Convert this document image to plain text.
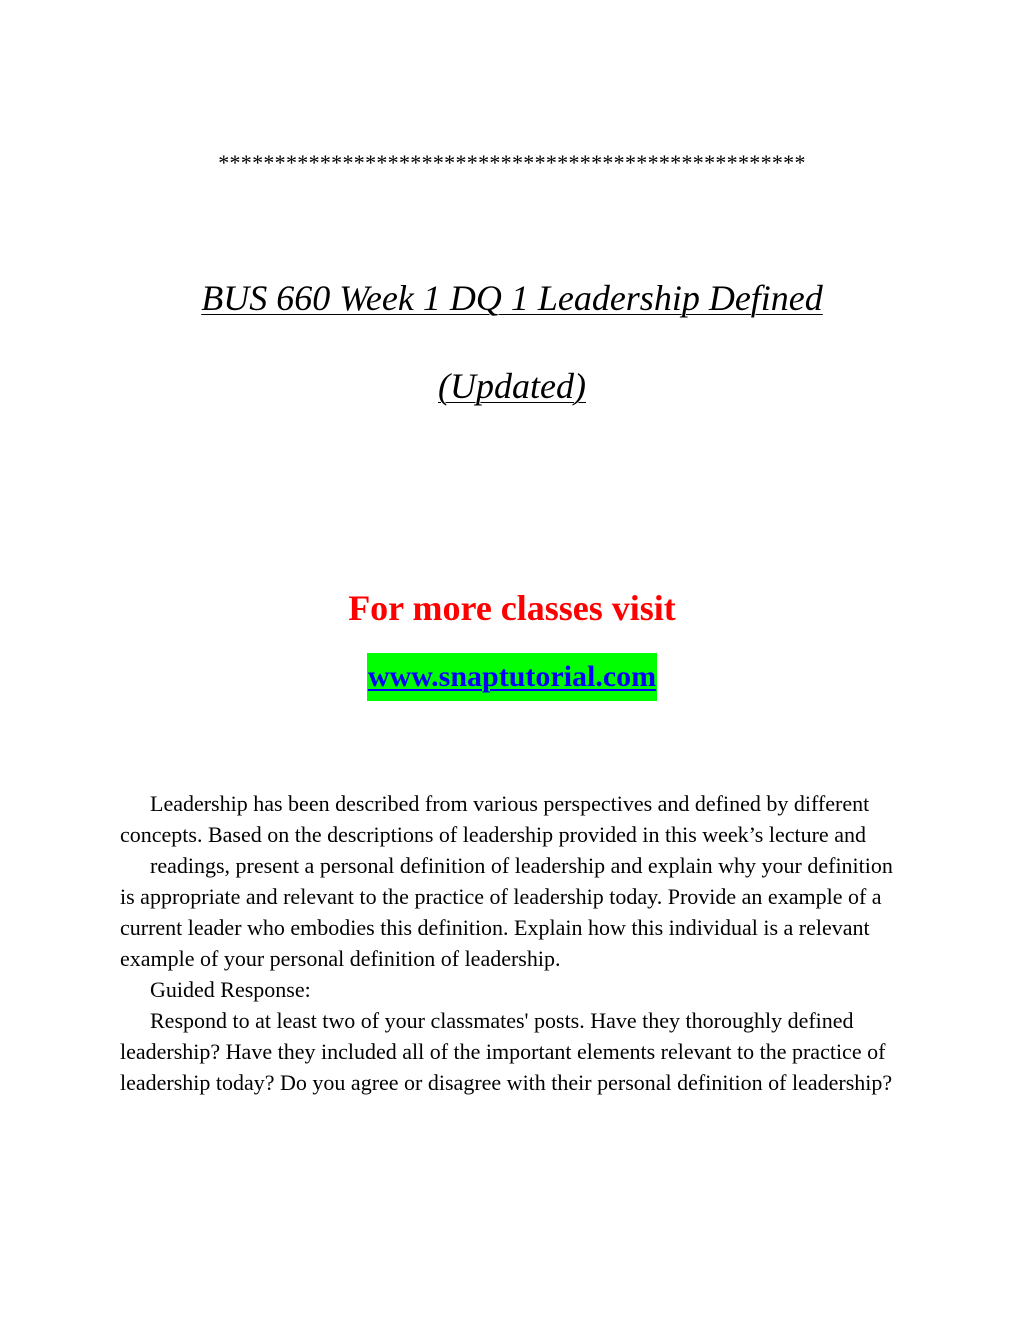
****************************************************
BUS 660 Week 1 DQ 1 Leadership Defined
(Updated)
For more classes visit
www.snaptutorial.com

Leadership has been described from various perspectives and defined by different concepts. Based on the descriptions of leadership provided in this week’s lecture and

readings, present a personal definition of leadership and explain why your definition is appropriate and relevant to the practice of leadership today. Provide an example of a current leader who embodies this definition. Explain how this individual is a relevant example of your personal definition of leadership.

Guided Response:

Respond to at least two of your classmates' posts. Have they thoroughly defined leadership? Have they included all of the important elements relevant to the practice of leadership today? Do you agree or disagree with their personal definition of leadership?
